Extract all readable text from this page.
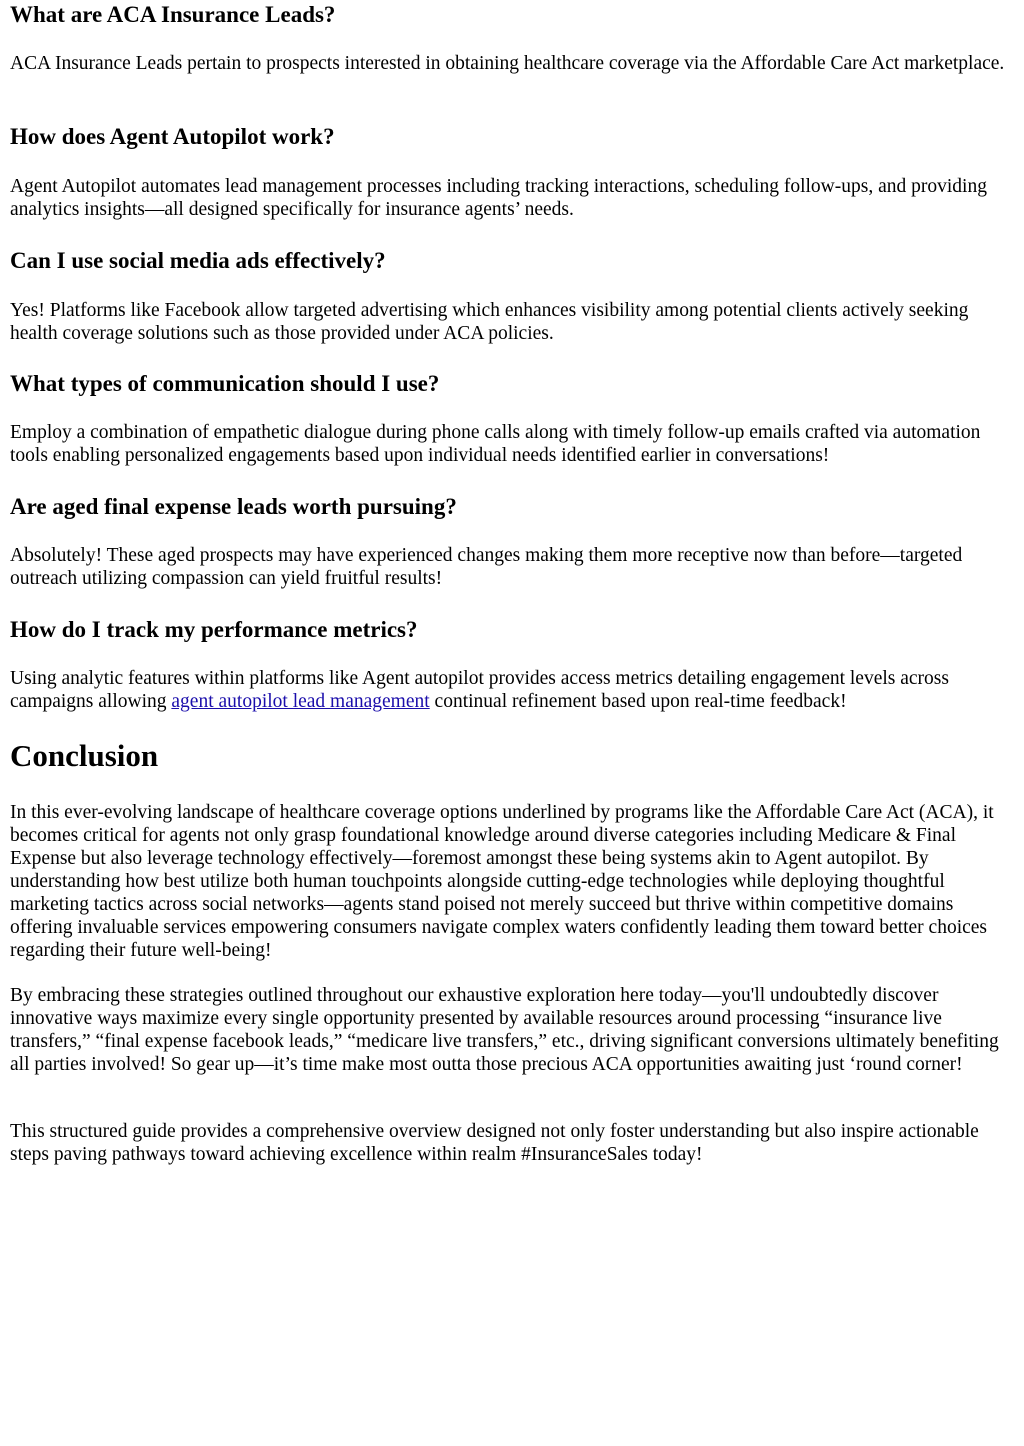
What are ACA Insurance Leads?

ACA Insurance Leads pertain to prospects interested in obtaining healthcare coverage via the Affordable Care Act marketplace.

How does Agent Autopilot work?

Agent Autopilot automates lead management processes including tracking interactions, scheduling follow-ups, and providing analytics insights—all designed specifically for insurance agents’ needs.

Can I use social media ads effectively?

Yes! Platforms like Facebook allow targeted advertising which enhances visibility among potential clients actively seeking health coverage solutions such as those provided under ACA policies.

What types of communication should I use?

Employ a combination of empathetic dialogue during phone calls along with timely follow-up emails crafted via automation tools enabling personalized engagements based upon individual needs identified earlier in conversations!

Are aged final expense leads worth pursuing?

Absolutely! These aged prospects may have experienced changes making them more receptive now than before—targeted outreach utilizing compassion can yield fruitful results!

How do I track my performance metrics?

Using analytic features within platforms like Agent autopilot provides access metrics detailing engagement levels across campaigns allowing agent autopilot lead management continual refinement based upon real-time feedback!

Conclusion

In this ever-evolving landscape of healthcare coverage options underlined by programs like the Affordable Care Act (ACA), it becomes critical for agents not only grasp foundational knowledge around diverse categories including Medicare & Final Expense but also leverage technology effectively—foremost amongst these being systems akin to Agent autopilot. By understanding how best utilize both human touchpoints alongside cutting-edge technologies while deploying thoughtful marketing tactics across social networks—agents stand poised not merely succeed but thrive within competitive domains offering invaluable services empowering consumers navigate complex waters confidently leading them toward better choices regarding their future well-being!

By embracing these strategies outlined throughout our exhaustive exploration here today—you'll undoubtedly discover innovative ways maximize every single opportunity presented by available resources around processing “insurance live transfers,” “final expense facebook leads,” “medicare live transfers,” etc., driving significant conversions ultimately benefiting all parties involved! So gear up—it’s time make most outta those precious ACA opportunities awaiting just ‘round corner!

This structured guide provides a comprehensive overview designed not only foster understanding but also inspire actionable steps paving pathways toward achieving excellence within realm #InsuranceSales today!
